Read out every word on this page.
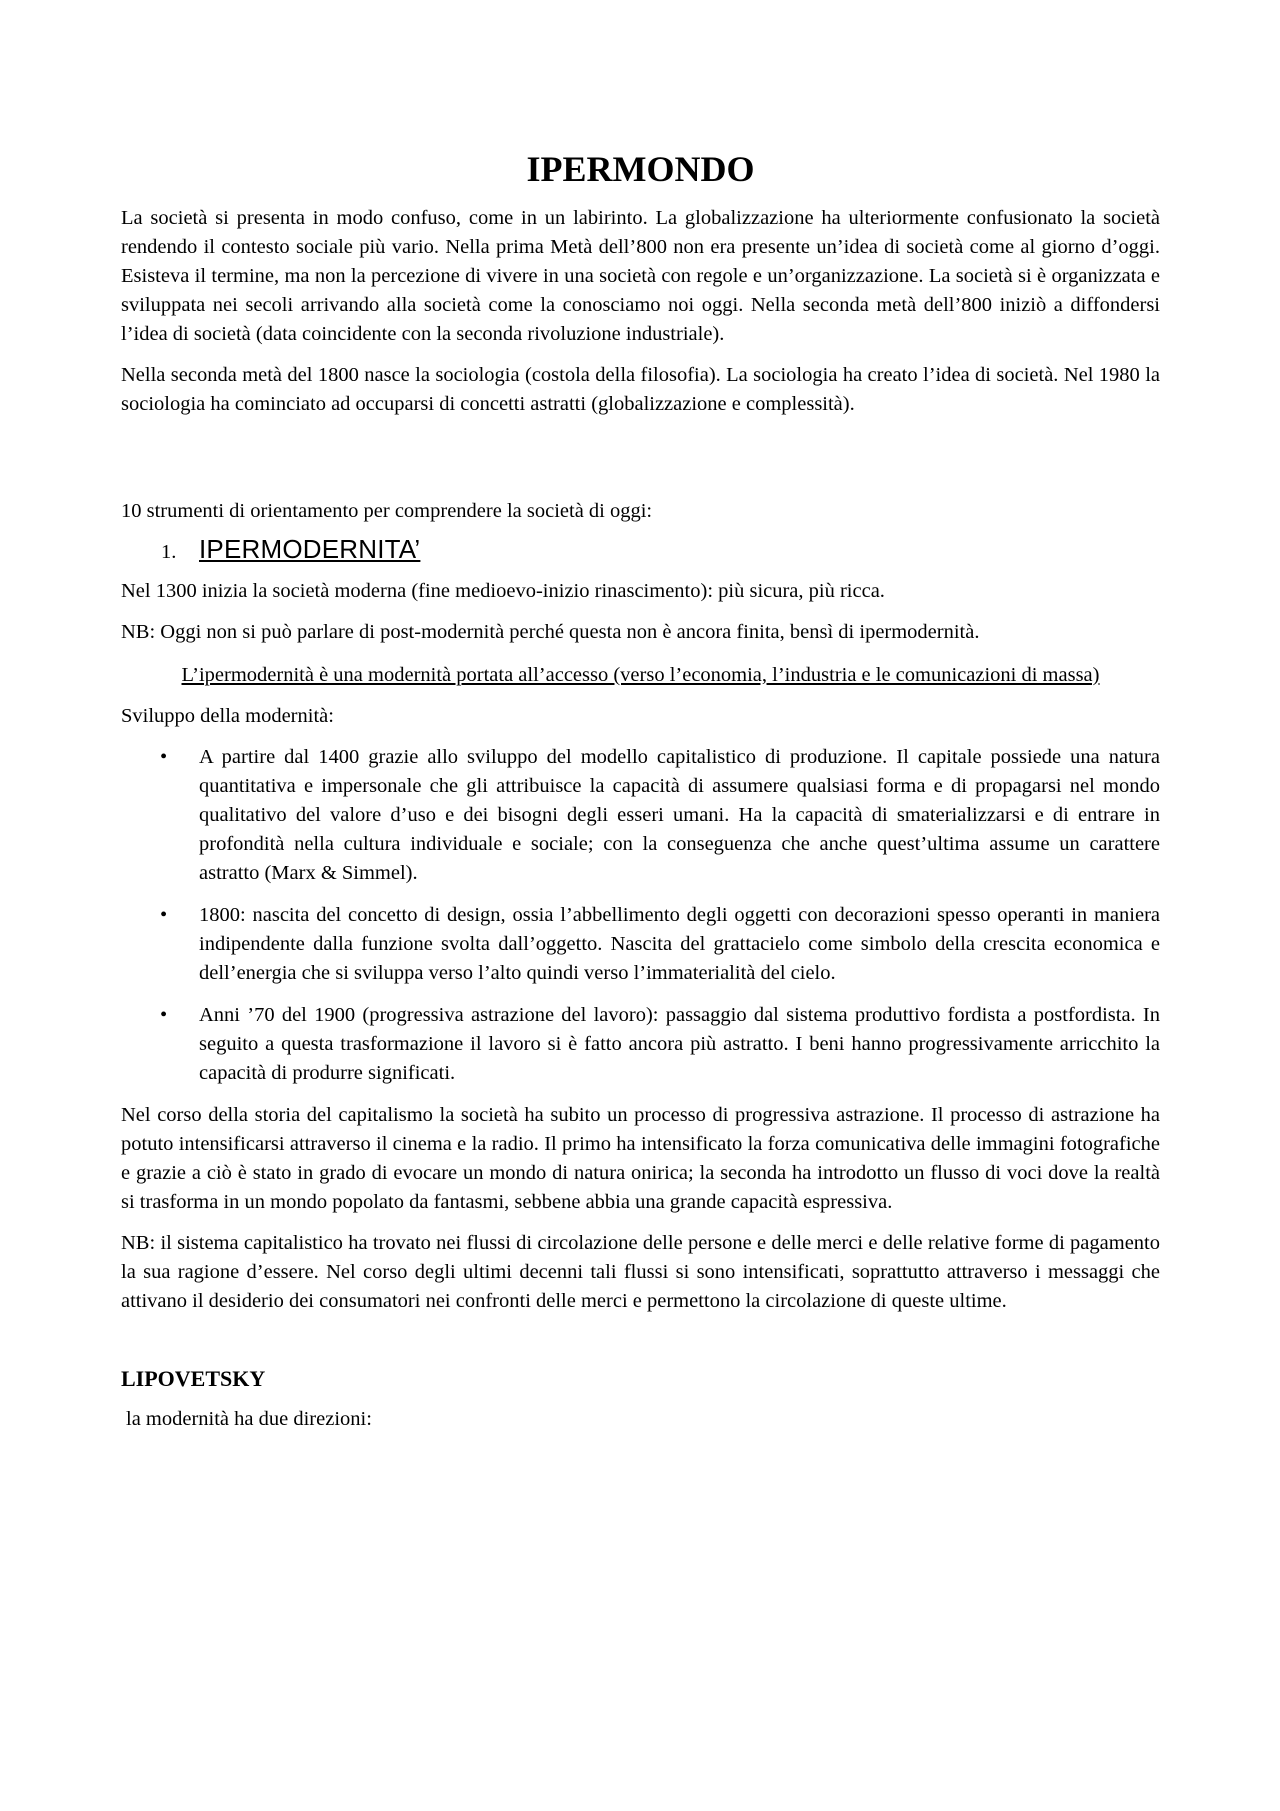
IPERMONDO

La società si presenta in modo confuso, come in un labirinto. La globalizzazione ha ulteriormente confusionato la società rendendo il contesto sociale più vario. Nella prima Metà dell’800 non era presente un’idea di società come al giorno d’oggi. Esisteva il termine, ma non la percezione di vivere in una società con regole e un’organizzazione. La società si è organizzata e sviluppata nei secoli arrivando alla società come la conosciamo noi oggi. Nella seconda metà dell’800 iniziò a diffondersi l’idea di società (data coincidente con la seconda rivoluzione industriale).

Nella seconda metà del 1800 nasce la sociologia (costola della filosofia). La sociologia ha creato l’idea di società. Nel 1980 la sociologia ha cominciato ad occuparsi di concetti astratti (globalizzazione e complessità).

10 strumenti di orientamento per comprendere la società di oggi:

1. IPERMODERNITA’

Nel 1300 inizia la società moderna (fine medioevo-inizio rinascimento): più sicura, più ricca.

NB: Oggi non si può parlare di post-modernità perché questa non è ancora finita, bensì di ipermodernità.

L’ipermodernità è una modernità portata all’accesso (verso l’economia, l’industria e le comunicazioni di massa)

Sviluppo della modernità:

• A partire dal 1400 grazie allo sviluppo del modello capitalistico di produzione. Il capitale possiede una natura quantitativa e impersonale che gli attribuisce la capacità di assumere qualsiasi forma e di propagarsi nel mondo qualitativo del valore d’uso e dei bisogni degli esseri umani. Ha la capacità di smaterializzarsi e di entrare in profondità nella cultura individuale e sociale; con la conseguenza che anche quest’ultima assume un carattere astratto (Marx & Simmel).
• 1800: nascita del concetto di design, ossia l’abbellimento degli oggetti con decorazioni spesso operanti in maniera indipendente dalla funzione svolta dall’oggetto. Nascita del grattacielo come simbolo della crescita economica e dell’energia che si sviluppa verso l’alto quindi verso l’immaterialità del cielo.
• Anni ’70 del 1900 (progressiva astrazione del lavoro): passaggio dal sistema produttivo fordista a postfordista. In seguito a questa trasformazione il lavoro si è fatto ancora più astratto. I beni hanno progressivamente arricchito la capacità di produrre significati.

Nel corso della storia del capitalismo la società ha subito un processo di progressiva astrazione. Il processo di astrazione ha potuto intensificarsi attraverso il cinema e la radio. Il primo ha intensificato la forza comunicativa delle immagini fotografiche e grazie a ciò è stato in grado di evocare un mondo di natura onirica; la seconda ha introdotto un flusso di voci dove la realtà si trasforma in un mondo popolato da fantasmi, sebbene abbia una grande capacità espressiva.

NB: il sistema capitalistico ha trovato nei flussi di circolazione delle persone e delle merci e delle relative forme di pagamento la sua ragione d’essere. Nel corso degli ultimi decenni tali flussi si sono intensificati, soprattutto attraverso i messaggi che attivano il desiderio dei consumatori nei confronti delle merci e permettono la circolazione di queste ultime.

LIPOVETSKY

la modernità ha due direzioni:
